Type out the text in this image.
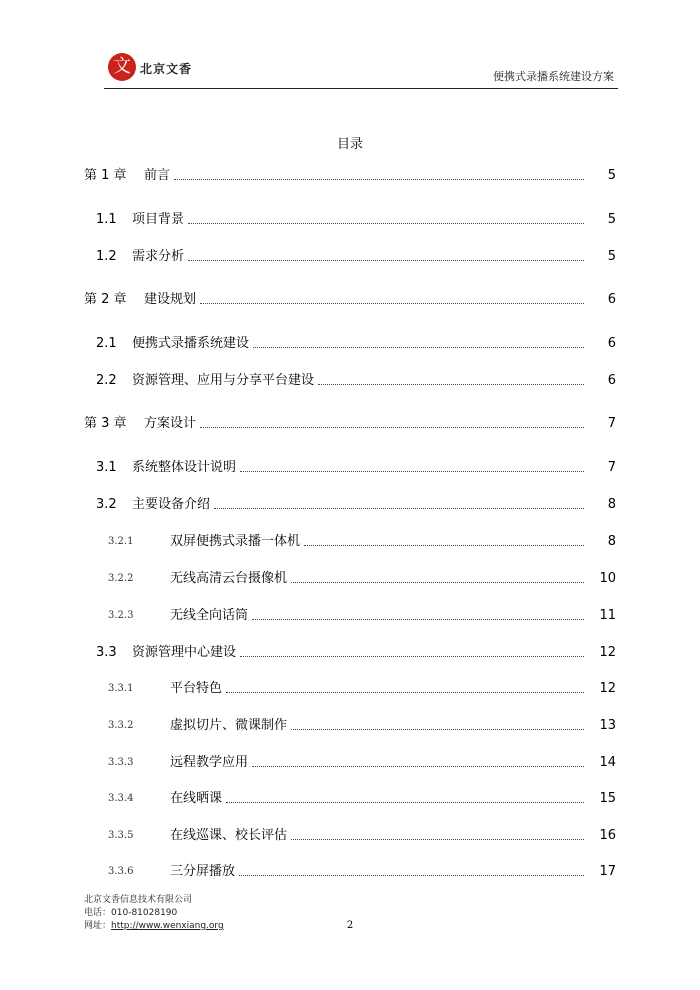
文 北京文香
便携式录播系统建设方案
目录
第 1 章	前言	5
1.1	项目背景	5
1.2	需求分析	5
第 2 章	建设规划	6
2.1	便携式录播系统建设	6
2.2	资源管理、应用与分享平台建设	6
第 3 章	方案设计	7
3.1	系统整体设计说明	7
3.2	主要设备介绍	8
3.2.1	双屏便携式录播一体机	8
3.2.2	无线高清云台摄像机	10
3.2.3	无线全向话筒	11
3.3	资源管理中心建设	12
3.3.1	平台特色	12
3.3.2	虚拟切片、微课制作	13
3.3.3	远程教学应用	14
3.3.4	在线晒课	15
3.3.5	在线巡课、校长评估	16
3.3.6	三分屏播放	17
北京文香信息技术有限公司
电话：010-81028190
网址：http://www.wenxiang.org	2
